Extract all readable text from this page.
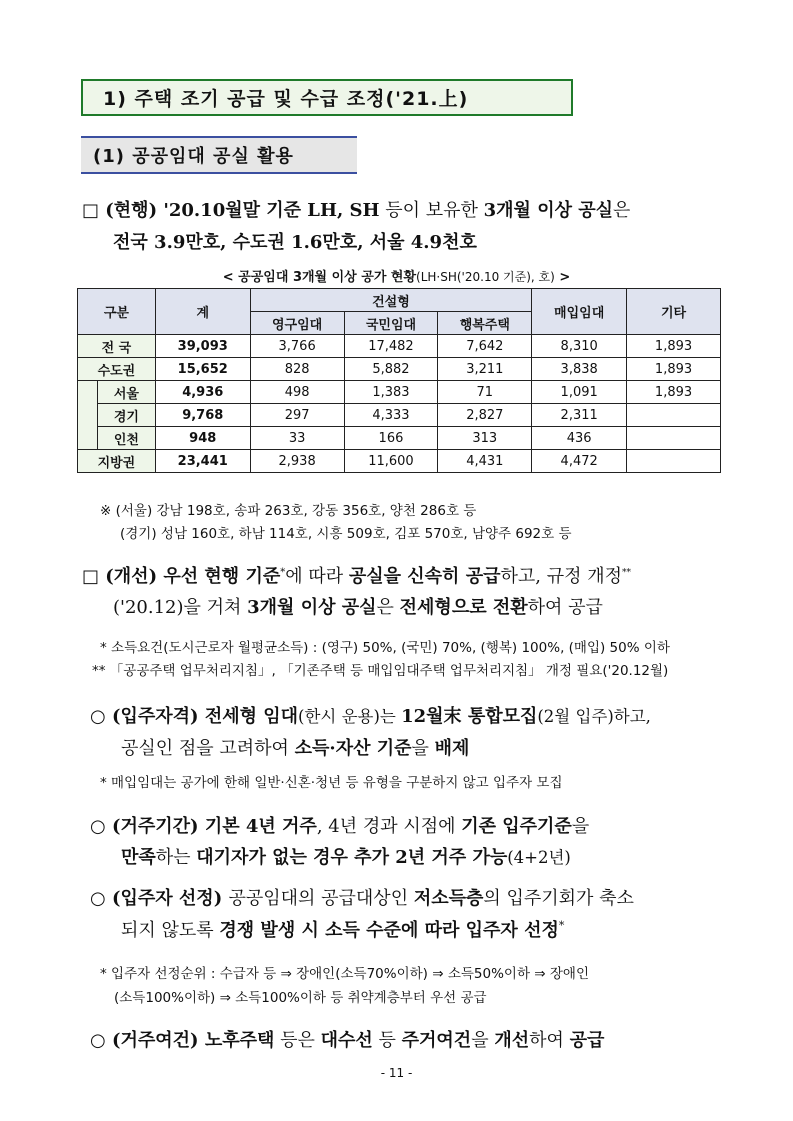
1) 주택 조기 공급 및 수급 조정('21.上)
(1) 공공임대 공실 활용
□ (현행) '20.10월말 기준 LH, SH 등이 보유한 3개월 이상 공실은
전국 3.9만호, 수도권 1.6만호, 서울 4.9천호
< 공공임대 3개월 이상 공가 현황(LH·SH('20.10 기준), 호) >
구분		계	건설형			매입임대	기타
			영구임대	국민임대	행복주택		
전 국		39,093	3,766	17,482	7,642	8,310	1,893
수도권		15,652	828	5,882	3,211	3,838	1,893
	서울	4,936	498	1,383	71	1,091	1,893
	경기	9,768	297	4,333	2,827	2,311	
	인천	948	33	166	313	436	
지방권		23,441	2,938	11,600	4,431	4,472	
※ (서울) 강남 198호, 송파 263호, 강동 356호, 양천 286호 등
(경기) 성남 160호, 하남 114호, 시흥 509호, 김포 570호, 남양주 692호 등
□ (개선) 우선 현행 기준*에 따라 공실을 신속히 공급하고, 규정 개정**
('20.12)을 거쳐 3개월 이상 공실은 전세형으로 전환하여 공급
* 소득요건(도시근로자 월평균소득) : (영구) 50%, (국민) 70%, (행복) 100%, (매입) 50% 이하
** 「공공주택 업무처리지침」, 「기존주택 등 매입임대주택 업무처리지침」 개정 필요('20.12월)
○ (입주자격) 전세형 임대(한시 운용)는 12월末 통합모집(2월 입주)하고,
공실인 점을 고려하여 소득·자산 기준을 배제
* 매입임대는 공가에 한해 일반·신혼·청년 등 유형을 구분하지 않고 입주자 모집
○ (거주기간) 기본 4년 거주, 4년 경과 시점에 기존 입주기준을
만족하는 대기자가 없는 경우 추가 2년 거주 가능(4+2년)
○ (입주자 선정) 공공임대의 공급대상인 저소득층의 입주기회가 축소
되지 않도록 경쟁 발생 시 소득 수준에 따라 입주자 선정*
* 입주자 선정순위 : 수급자 등 ⇒ 장애인(소득70%이하) ⇒ 소득50%이하 ⇒ 장애인
(소득100%이하) ⇒ 소득100%이하 등 취약계층부터 우선 공급
○ (거주여건) 노후주택 등은 대수선 등 주거여건을 개선하여 공급
- 11 -
